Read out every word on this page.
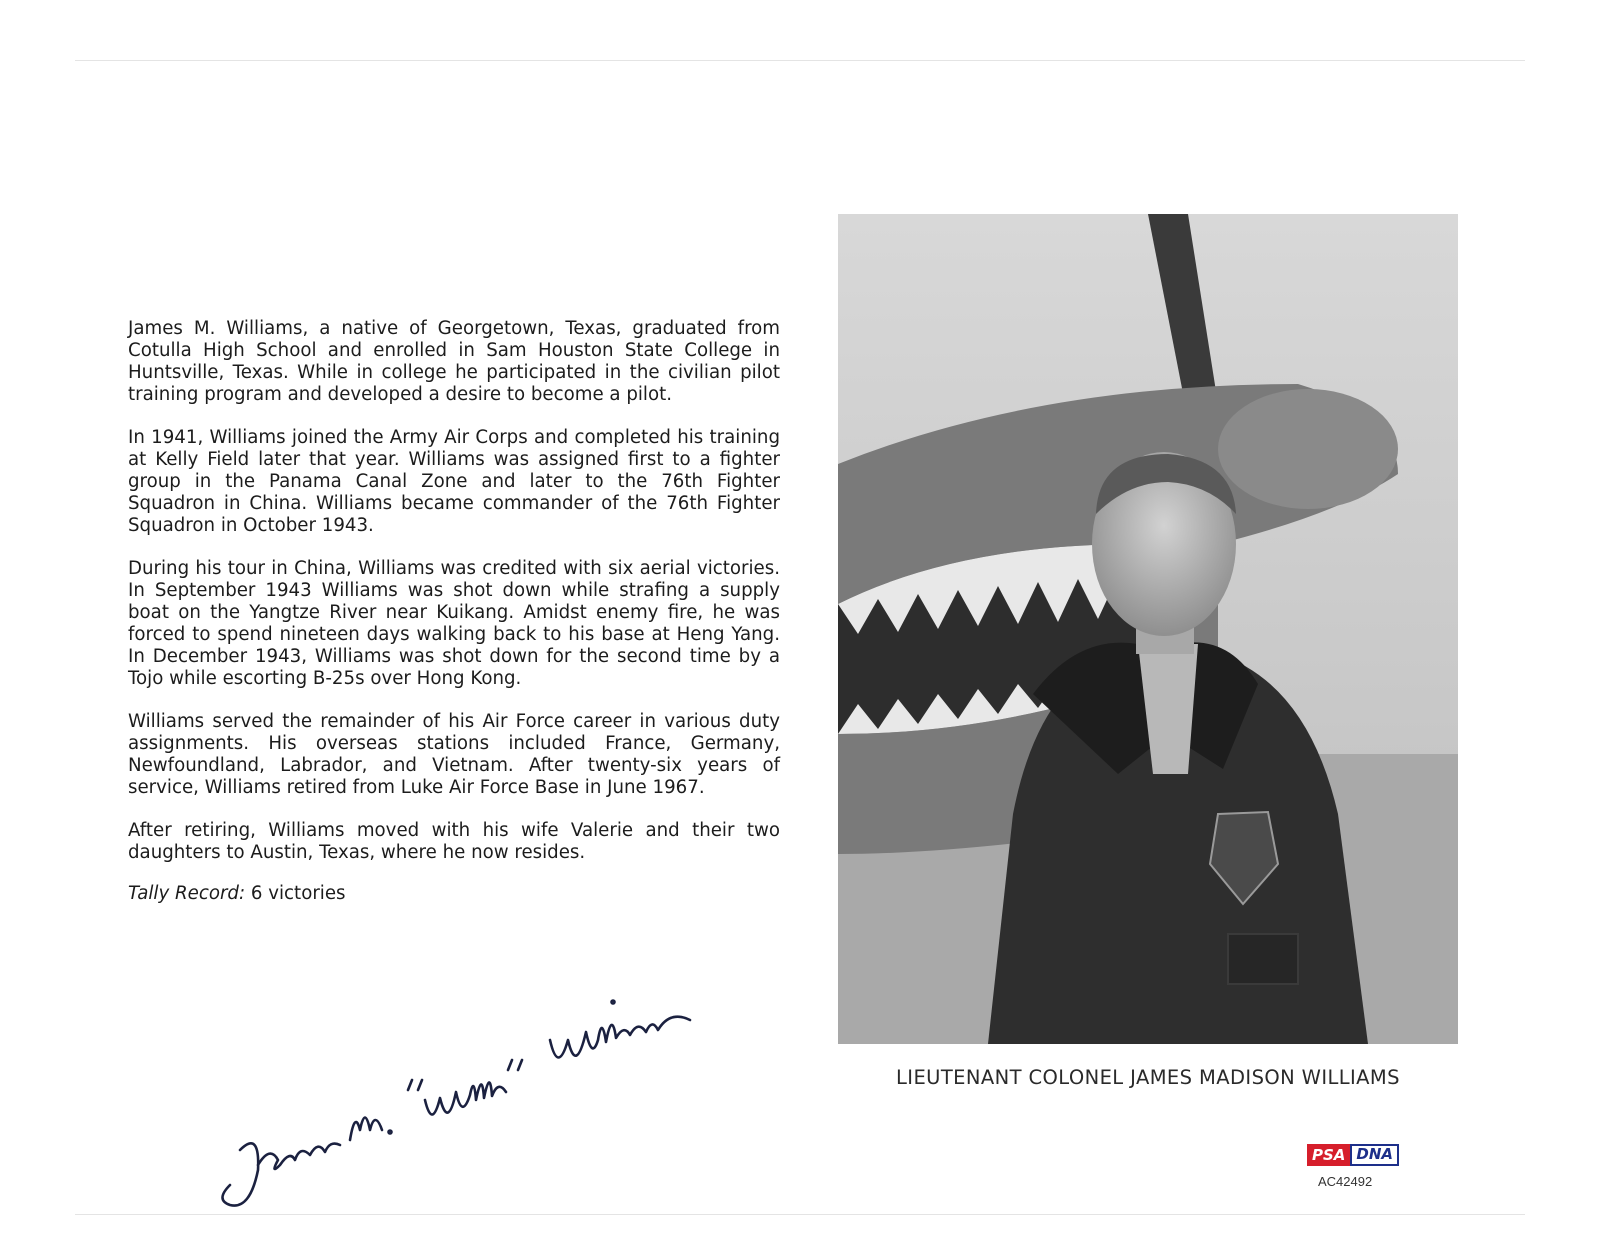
James M. Williams, a native of Georgetown, Texas, graduated from Cotulla High School and enrolled in Sam Houston State College in Huntsville, Texas. While in college he participated in the civilian pilot training program and developed a desire to become a pilot.

In 1941, Williams joined the Army Air Corps and completed his training at Kelly Field later that year. Williams was assigned first to a fighter group in the Panama Canal Zone and later to the 76th Fighter Squadron in China. Williams became commander of the 76th Fighter Squadron in October 1943.

During his tour in China, Williams was credited with six aerial victories. In September 1943 Williams was shot down while strafing a supply boat on the Yangtze River near Kuikang. Amidst enemy fire, he was forced to spend nineteen days walking back to his base at Heng Yang. In December 1943, Williams was shot down for the second time by a Tojo while escorting B-25s over Hong Kong.

Williams served the remainder of his Air Force career in various duty assignments. His overseas stations included France, Germany, Newfoundland, Labrador, and Vietnam. After twenty-six years of service, Williams retired from Luke Air Force Base in June 1967.

After retiring, Williams moved with his wife Valerie and their two daughters to Austin, Texas, where he now resides.

Tally Record: 6 victories

LIEUTENANT COLONEL JAMES MADISON WILLIAMS
PSA DNA
AC42492
